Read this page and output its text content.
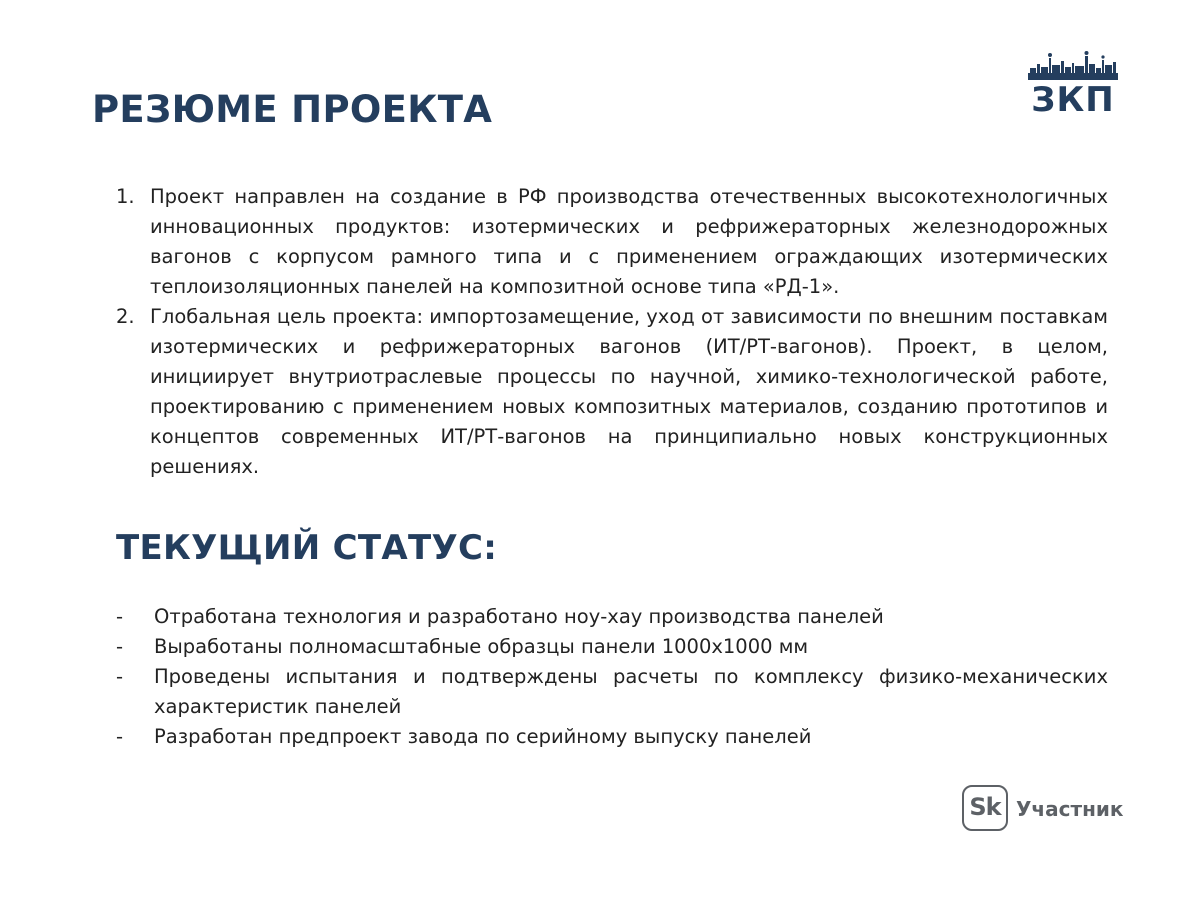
РЕЗЮМЕ ПРОЕКТА	ЗКП
1. Проект направлен на создание в РФ производства отечественных высокотехнологичных инновационных продуктов: изотермических и рефрижераторных железнодорожных вагонов с корпусом рамного типа и с применением ограждающих изотермических теплоизоляционных панелей на композитной основе типа «РД-1».
2. Глобальная цель проекта: импортозамещение, уход от зависимости по внешним поставкам изотермических и рефрижераторных вагонов (ИТ/РТ-вагонов). Проект, в целом, инициирует внутриотраслевые процессы по научной, химико-технологической работе, проектированию с применением новых композитных материалов, созданию прототипов и концептов современных ИТ/РТ-вагонов на принципиально новых конструкционных решениях.
ТЕКУЩИЙ СТАТУС:
- Отработана технология и разработано ноу-хау производства панелей
- Выработаны полномасштабные образцы панели 1000х1000 мм
- Проведены испытания и подтверждены расчеты по комплексу физико-механических характеристик панелей
- Разработан предпроект завода по серийному выпуску панелей
Sk Участник
